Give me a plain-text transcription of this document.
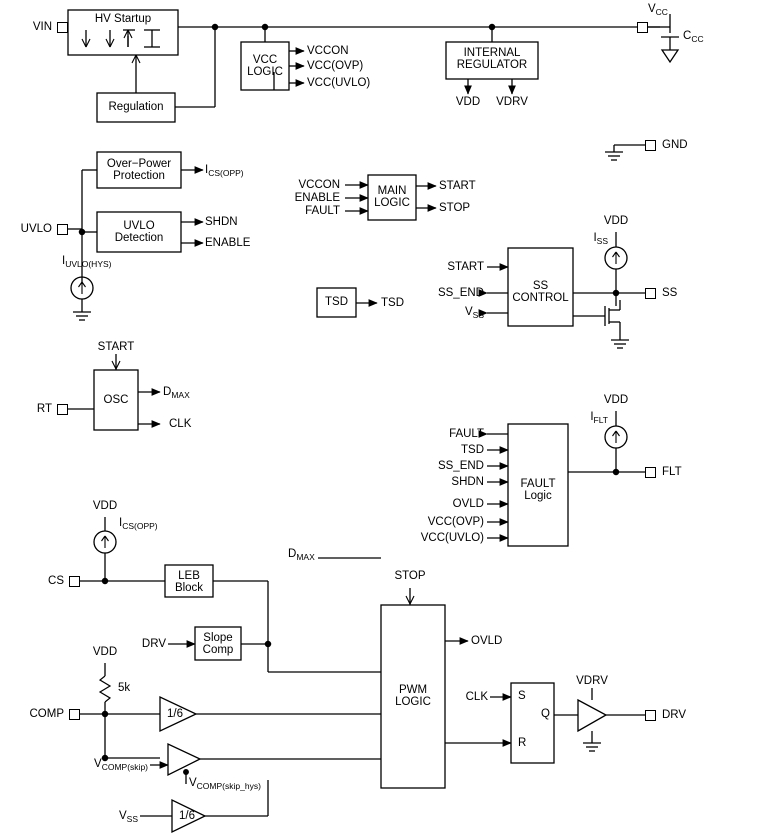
VIN
UVLO
RT
CS
COMP
$V_{CC}$
$C_{CC}$
GND
SS
FLT
DRV
HV Startup
Regulation
VCC
LOGIC
INTERNAL
REGULATOR
Over−Power
Protection
UVLO
Detection
MAIN
LOGIC
TSD
SS
CONTROL
OSC
FAULT
Logic
LEB
Block
Slope
Comp
PWM
LOGIC
VCCON
VCC(OVP)
VCC(UVLO)
VDD	VDRV
$I_{CS(OPP)}$
SHDN
ENABLE
$I_{UVLO(HYS)}$
VCCON
ENABLE
FAULT
START
STOP
TSD
START
SS_END
$V_{SS}$
VDD
$I_{SS}$
START
$D_{MAX}$
CLK
FAULT
TSD
SS_END
SHDN
OVLD
VCC(OVP)
VCC(UVLO)
VDD
$I_{FLT}$
VDD
$I_{CS(OPP)}$
$D_{MAX}$
STOP
DRV	OVLD
VDD
5k
1/6
1/6
$V_{COMP(skip)}$
$V_{COMP(skip\_hys)}$
$V_{SS}$
CLK	S
Q
R
VDRV
